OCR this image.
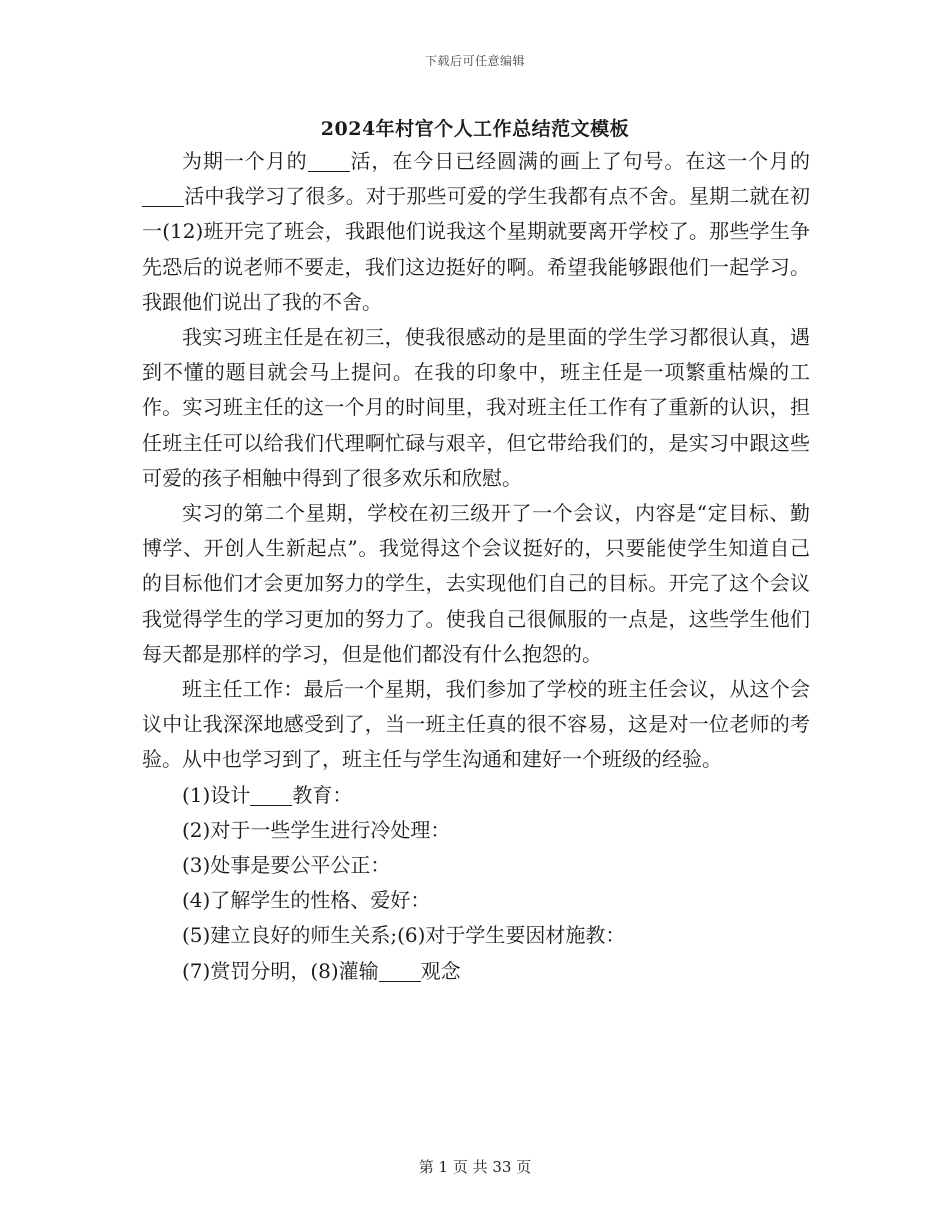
下载后可任意编辑
2024年村官个人工作总结范文模板

为期一个月的 活，在今日已经圆满的画上了句号。在这一个月的活中我学习了很多。对于那些可爱的学生我都有点不舍。星期二就在初一(12)班开完了班会，我跟他们说我这个星期就要离开学校了。那些学生争先恐后的说老师不要走，我们这边挺好的啊。希望我能够跟他们一起学习。我跟他们说出了我的不舍。

我实习班主任是在初三，使我很感动的是里面的学生学习都很认真，遇到不懂的题目就会马上提问。在我的印象中，班主任是一项繁重枯燥的工作。实习班主任的这一个月的时间里，我对班主任工作有了重新的认识，担任班主任可以给我们代理啊忙碌与艰辛，但它带给我们的，是实习中跟这些可爱的孩子相触中得到了很多欢乐和欣慰。

实习的第二个星期，学校在初三级开了一个会议，内容是“定目标、勤博学、开创人生新起点”。我觉得这个会议挺好的，只要能使学生知道自己的目标他们才会更加努力的学生，去实现他们自己的目标。开完了这个会议我觉得学生的学习更加的努力了。使我自己很佩服的一点是，这些学生他们每天都是那样的学习，但是他们都没有什么抱怨的。

班主任工作：最后一个星期，我们参加了学校的班主任会议，从这个会议中让我深深地感受到了，当一班主任真的很不容易，这是对一位老师的考验。从中也学习到了，班主任与学生沟通和建好一个班级的经验。

(1)设计 教育：

(2)对于一些学生进行冷处理：

(3)处事是要公平公正：

(4)了解学生的性格、爱好：

(5)建立良好的师生关系;(6)对于学生要因材施教：

(7)赏罚分明，(8)灌输 观念

第 1 页 共 33 页
